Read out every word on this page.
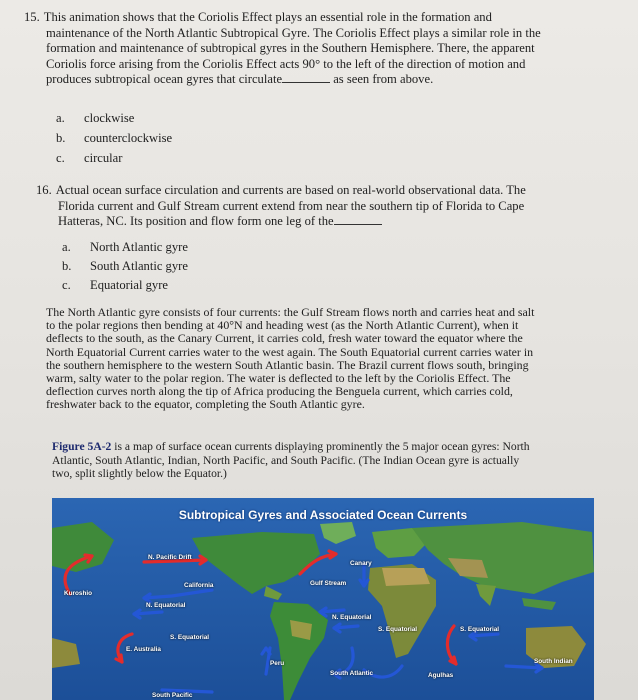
15. This animation shows that the Coriolis Effect plays an essential role in the formation and
maintenance of the North Atlantic Subtropical Gyre. The Coriolis Effect plays a similar role in the
formation and maintenance of subtropical gyres in the Southern Hemisphere. There, the apparent
Coriolis force arising from the Coriolis Effect acts 90° to the left of the direction of motion and
produces subtropical ocean gyres that circulate	as seen from above.
a. clockwise
b. counterclockwise
c. circular
16. Actual ocean surface circulation and currents are based on real-world observational data. The
Florida current and Gulf Stream current extend from near the southern tip of Florida to Cape
Hatteras, NC. Its position and flow form one leg of the
a. North Atlantic gyre
b. South Atlantic gyre
c. Equatorial gyre
The North Atlantic gyre consists of four currents: the Gulf Stream flows north and carries heat and salt
to the polar regions then bending at 40°N and heading west (as the North Atlantic Current), when it
deflects to the south, as the Canary Current, it carries cold, fresh water toward the equator where the
North Equatorial Current carries water to the west again. The South Equatorial current carries water in
the southern hemisphere to the western South Atlantic basin. The Brazil current flows south, bringing
warm, salty water to the polar region. The water is deflected to the left by the Coriolis Effect. The
deflection curves north along the tip of Africa producing the Benguela current, which carries cold,
freshwater back to the equator, completing the South Atlantic gyre.
Figure 5A-2 is a map of surface ocean currents displaying prominently the 5 major ocean gyres: North
Atlantic, South Atlantic, Indian, North Pacific, and South Pacific. (The Indian Ocean gyre is actually
two, split slightly below the Equator.)
Subtropical Gyres and Associated Ocean Currents
N. Pacific Drift
Canary
California	Gulf Stream
Kuroshio
N. Equatorial
N. Equatorial
S. Equatorial	S. Equatorial
S. Equatorial
E. Australia
Peru
South Atlantic
South Indian
Agulhas
South Pacific
